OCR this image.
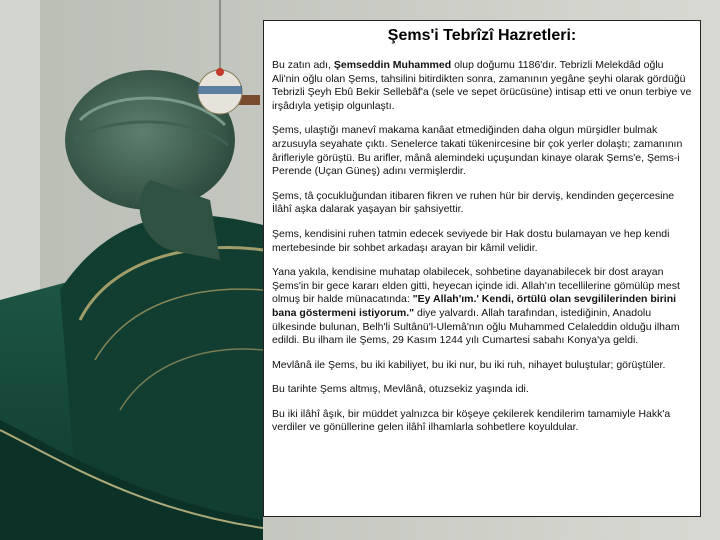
Şems'i Tebrîzî Hazretleri:

Bu zatın adı, Şemseddin Muhammed olup doğumu 1186'dır. Tebrizli Melekdâd oğlu Ali'nin oğlu olan Şems, tahsilini bitirdikten sonra, zamanının yegâne şeyhi olarak gördüğü Tebrizli Şeyh Ebû Bekir Sellebâf'a (sele ve sepet örücüsüne) intisap etti ve onun terbiye ve irşâdıyla yetişip olgunlaştı.

Şems, ulaştığı manevî makama kanâat etmediğinden daha olgun mürşidler bulmak arzusuyla seyahate çıktı. Senelerce takati tükenircesine bir çok yerler dolaştı; zamanının ârifleriyle görüştü. Bu arifler, mânâ alemindeki uçuşundan kinaye olarak Şems'e, Şems-i Perende (Uçan Güneş) adını vermişlerdir.

Şems, tâ çocukluğundan itibaren fikren ve ruhen hür bir derviş, kendinden geçercesine İlâhî aşka dalarak yaşayan bir şahsiyettir.

Şems, kendisini ruhen tatmin edecek seviyede bir Hak dostu bulamayan ve hep kendi mertebesinde bir sohbet arkadaşı arayan bir kâmil velidir.

Yana yakıla, kendisine muhatap olabilecek, sohbetine dayanabilecek bir dost arayan Şems'in bir gece kararı elden gitti, heyecan içinde idi. Allah'ın tecellilerine gömülüp mest olmuş bir halde münacatında: "Ey Allah'ım.' Kendi, örtülü olan sevgililerinden birini bana göstermeni istiyorum." diye yalvardı. Allah tarafından, istediğinin, Anadolu ülkesinde bulunan, Belh'li Sultânü'l-Ulemâ'nın oğlu Muhammed Celaleddin olduğu ilham edildi. Bu ilham ile Şems, 29 Kasım 1244 yılı Cumartesi sabahı Konya'ya geldi.

Mevlânâ ile Şems, bu iki kabiliyet, bu iki nur, bu iki ruh, nihayet buluştular; görüştüler.

Bu tarihte Şems altmış, Mevlânâ, otuzsekiz yaşında idi.

Bu iki ilâhî âşık, bir müddet yalnızca bir köşeye çekilerek kendilerim tamamiyle Hakk'a verdiler ve gönüllerine gelen ilâhî ilhamlarla sohbetlere koyuldular.
